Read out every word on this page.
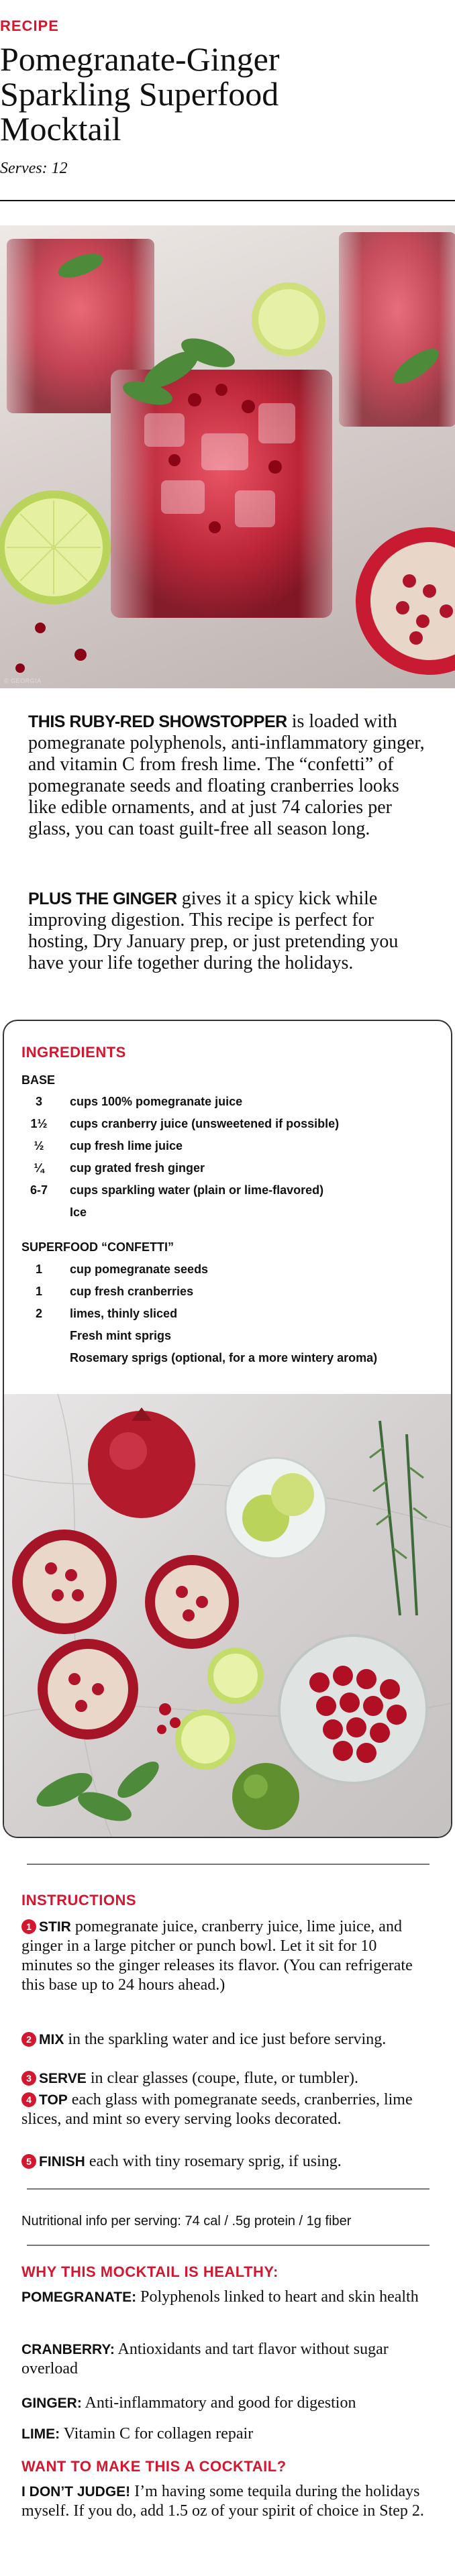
RECIPE
Pomegranate-Ginger Sparkling Superfood Mocktail
Serves: 12
© GEORGIA
THIS RUBY-RED SHOWSTOPPER is loaded with pomegranate polyphenols, anti-inflammatory ginger, and vitamin C from fresh lime. The “confetti” of pomegranate seeds and floating cranberries looks like edible ornaments, and at just 74 calories per glass, you can toast guilt-free all season long.
PLUS THE GINGER gives it a spicy kick while improving digestion. This recipe is perfect for hosting, Dry January prep, or just pretending you have your life together during the holidays.
INGREDIENTS
BASE
3	cups 100% pomegranate juice
1½	cups cranberry juice (unsweetened if possible)
½	cup fresh lime juice
¼	cup grated fresh ginger
6-7	cups sparkling water (plain or lime-flavored)
Ice
SUPERFOOD “CONFETTI”
1	cup pomegranate seeds
1	cup fresh cranberries
2	limes, thinly sliced
Fresh mint sprigs
Rosemary sprigs (optional, for a more wintery aroma)
INSTRUCTIONS
1 STIR pomegranate juice, cranberry juice, lime juice, and ginger in a large pitcher or punch bowl. Let it sit for 10 minutes so the ginger releases its flavor. (You can refrigerate this base up to 24 hours ahead.)
2 MIX in the sparkling water and ice just before serving.
3 SERVE in clear glasses (coupe, flute, or tumbler).
4 TOP each glass with pomegranate seeds, cranberries, lime slices, and mint so every serving looks decorated.
5 FINISH each with tiny rosemary sprig, if using.
Nutritional info per serving: 74 cal / .5g protein / 1g fiber
WHY THIS MOCKTAIL IS HEALTHY:
POMEGRANATE: Polyphenols linked to heart and skin health
CRANBERRY: Antioxidants and tart flavor without sugar overload
GINGER: Anti-inflammatory and good for digestion
LIME: Vitamin C for collagen repair
WANT TO MAKE THIS A COCKTAIL?
I DON’T JUDGE! I’m having some tequila during the holidays myself. If you do, add 1.5 oz of your spirit of choice in Step 2.
